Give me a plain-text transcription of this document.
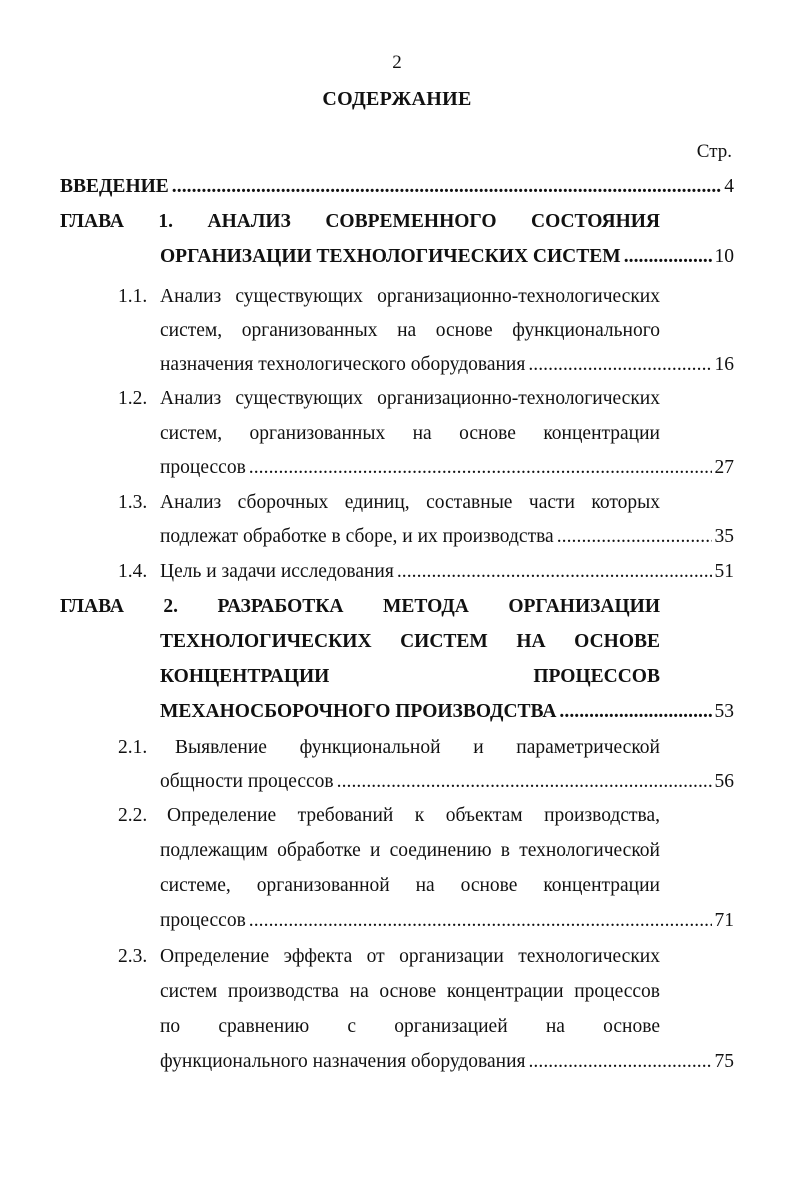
2
СОДЕРЖАНИЕ
Стр.
ВВЕДЕНИЕ . . .	4
ГЛАВА 1. АНАЛИЗ СОВРЕМЕННОГО СОСТОЯНИЯ
ОРГАНИЗАЦИИ ТЕХНОЛОГИЧЕСКИХ СИСТЕМ . . .	10
1.1. Анализ существующих организационно-технологических
систем, организованных на основе функционального
назначения технологического оборудования . . .	16
1.2. Анализ существующих организационно-технологических
систем, организованных на основе концентрации
процессов . . .	27
1.3. Анализ сборочных единиц, составные части которых
подлежат обработке в сборе, и их производства . . .	35
1.4. Цель и задачи исследования . . .	51
ГЛАВА 2. РАЗРАБОТКА МЕТОДА ОРГАНИЗАЦИИ
ТЕХНОЛОГИЧЕСКИХ СИСТЕМ НА ОСНОВЕ
КОНЦЕНТРАЦИИ ПРОЦЕССОВ
МЕХАНОСБОРОЧНОГО ПРОИЗВОДСТВА . . .	53
2.1. Выявление функциональной и параметрической
общности процессов . . .	56
2.2. Определение требований к объектам производства,
подлежащим обработке и соединению в технологической
системе, организованной на основе концентрации
процессов . . .	71
2.3. Определение эффекта от организации технологических
систем производства на основе концентрации процессов
по сравнению с организацией на основе
функционального назначения оборудования . . .	75
